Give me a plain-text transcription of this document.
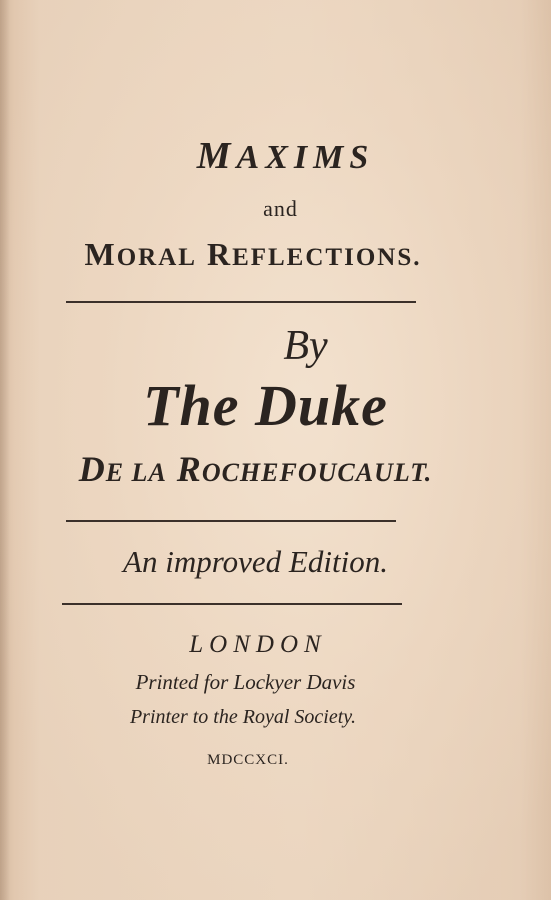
MAXIMS
and
MORAL REFLECTIONS.
By
The Duke
DE LA ROCHEFOUCAULT.
An improved Edition.
LONDON
Printed for Lockyer Davis
Printer to the Royal Society.
MDCCXCI.
